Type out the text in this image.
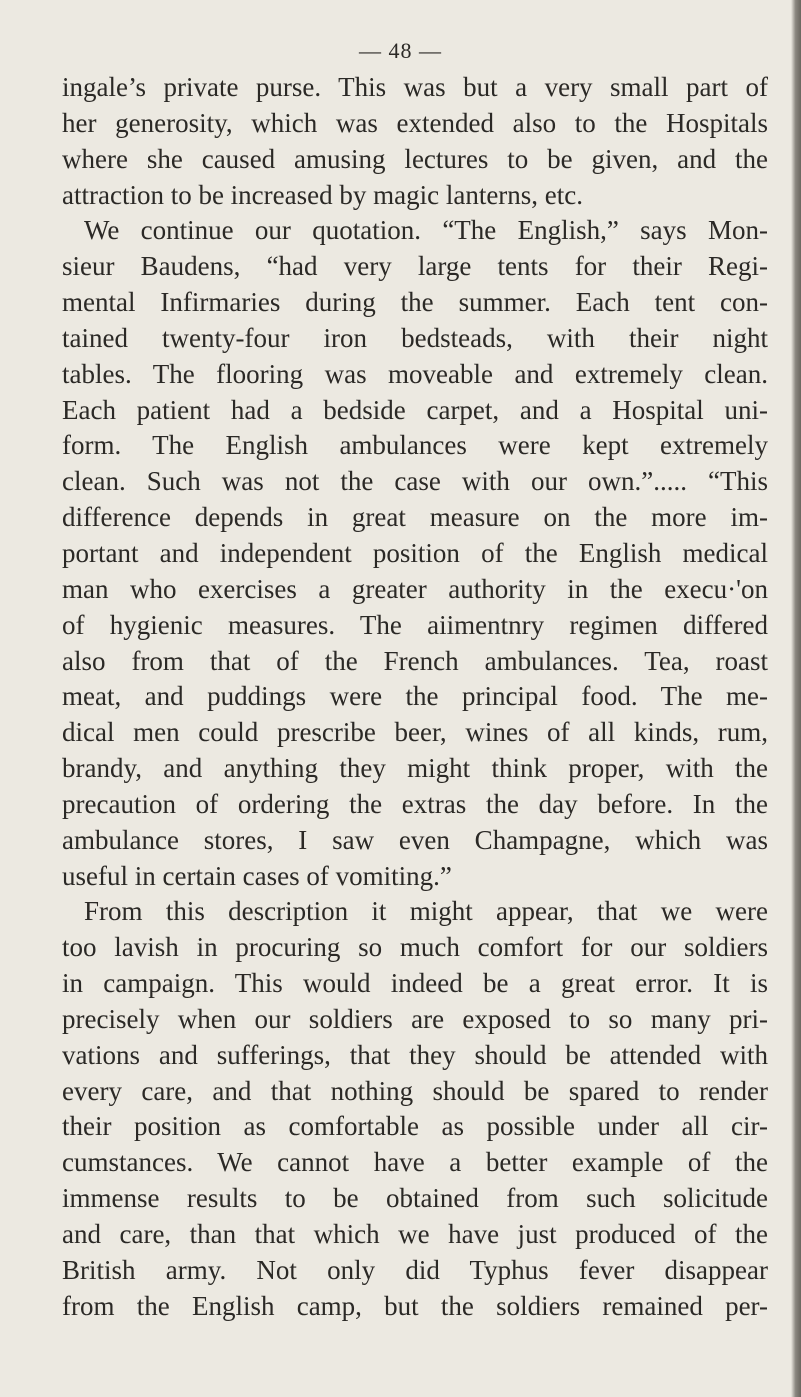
— 48 —
ingale’s private purse. This was but a very small part of
her generosity, which was extended also to the Hospitals
where she caused amusing lectures to be given, and the
attraction to be increased by magic lanterns, etc.
We continue our quotation. “The English,” says Mon-
sieur Baudens, “had very large tents for their Regi-
mental Infirmaries during the summer. Each tent con-
tained twenty-four iron bedsteads, with their night
tables. The flooring was moveable and extremely clean.
Each patient had a bedside carpet, and a Hospital uni-
form. The English ambulances were kept extremely
clean. Such was not the case with our own.”..... “This
difference depends in great measure on the more im-
portant and independent position of the English medical
man who exercises a greater authority in the execu·'on
of hygienic measures. The aiimentnry regimen differed
also from that of the French ambulances. Tea, roast
meat, and puddings were the principal food. The me-
dical men could prescribe beer, wines of all kinds, rum,
brandy, and anything they might think proper, with the
precaution of ordering the extras the day before. In the
ambulance stores, I saw even Champagne, which was
useful in certain cases of vomiting.”
From this description it might appear, that we were
too lavish in procuring so much comfort for our soldiers
in campaign. This would indeed be a great error. It is
precisely when our soldiers are exposed to so many pri-
vations and sufferings, that they should be attended with
every care, and that nothing should be spared to render
their position as comfortable as possible under all cir-
cumstances. We cannot have a better example of the
immense results to be obtained from such solicitude
and care, than that which we have just produced of the
British army. Not only did Typhus fever disappear
from the English camp, but the soldiers remained per-
